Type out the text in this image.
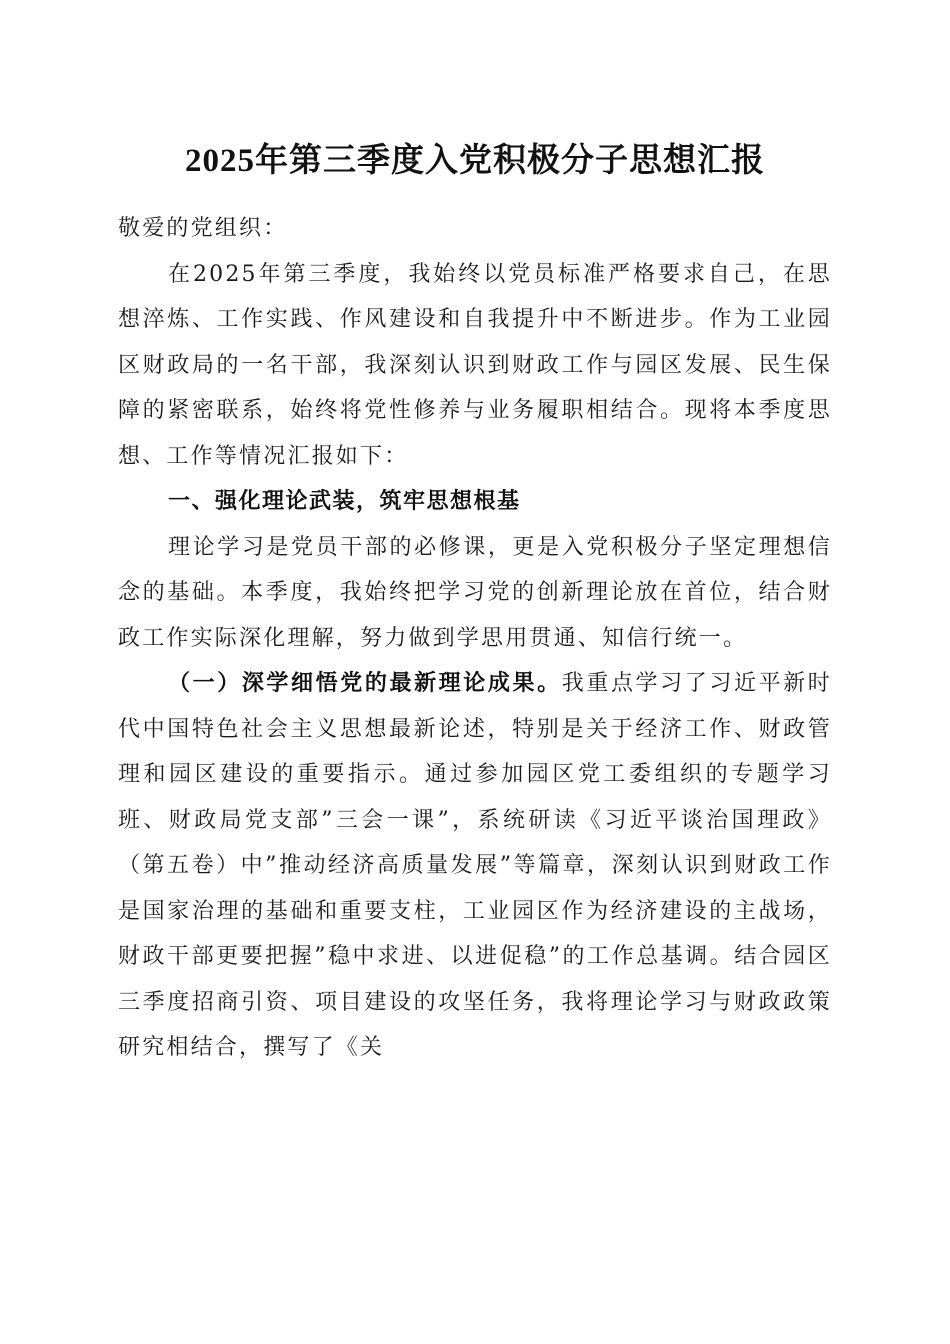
2025年第三季度入党积极分子思想汇报

敬爱的党组织：

在2025年第三季度，我始终以党员标准严格要求自己，在思想淬炼、工作实践、作风建设和自我提升中不断进步。作为工业园区财政局的一名干部，我深刻认识到财政工作与园区发展、民生保障的紧密联系，始终将党性修养与业务履职相结合。现将本季度思想、工作等情况汇报如下：

一、强化理论武装，筑牢思想根基

理论学习是党员干部的必修课，更是入党积极分子坚定理想信念的基础。本季度，我始终把学习党的创新理论放在首位，结合财政工作实际深化理解，努力做到学思用贯通、知信行统一。

（一）深学细悟党的最新理论成果。我重点学习了习近平新时代中国特色社会主义思想最新论述，特别是关于经济工作、财政管理和园区建设的重要指示。通过参加园区党工委组织的专题学习班、财政局党支部”三会一课”，系统研读《习近平谈治国理政》（第五卷）中”推动经济高质量发展”等篇章，深刻认识到财政工作是国家治理的基础和重要支柱，工业园区作为经济建设的主战场，财政干部更要把握”稳中求进、以进促稳”的工作总基调。结合园区三季度招商引资、项目建设的攻坚任务，我将理论学习与财政政策研究相结合，撰写了《关
